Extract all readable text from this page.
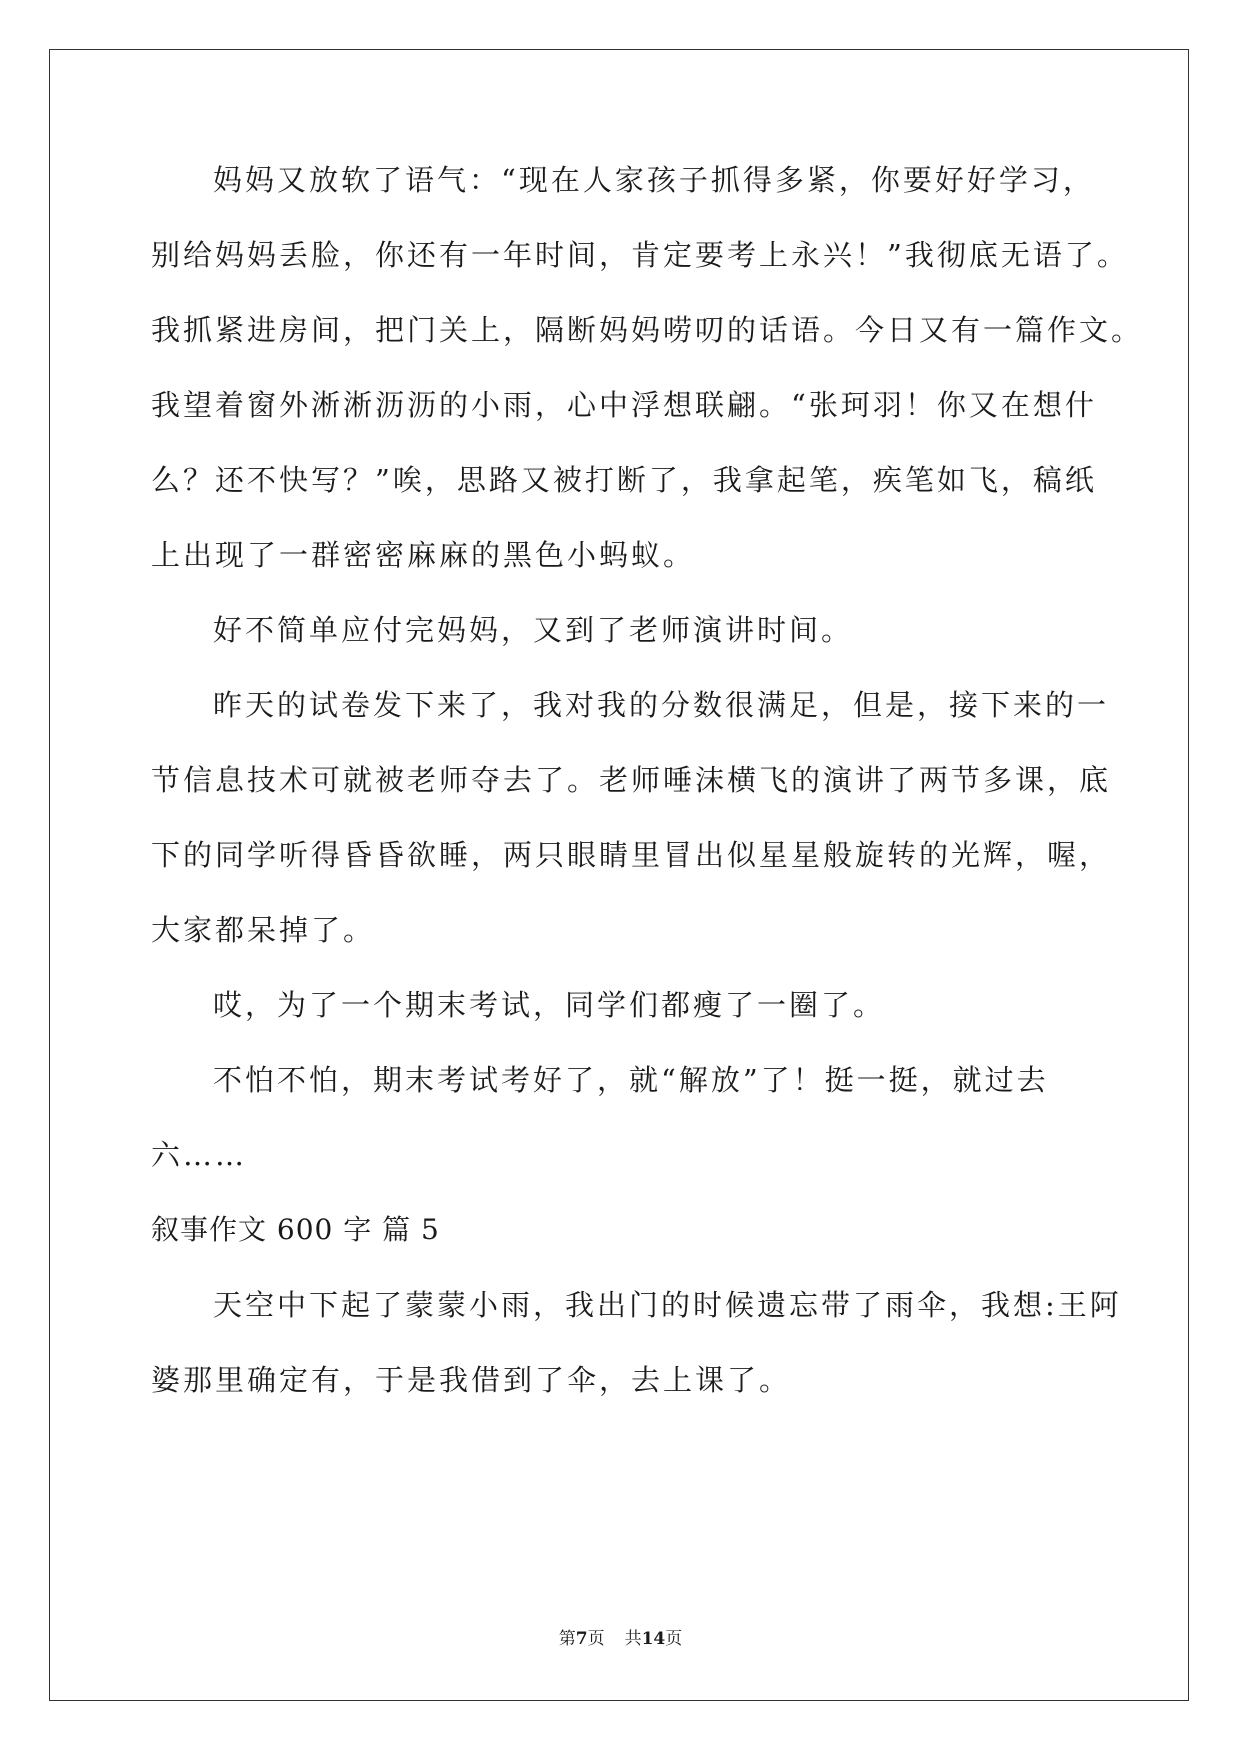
妈妈又放软了语气：“现在人家孩子抓得多紧，你要好好学习，
别给妈妈丢脸，你还有一年时间，肯定要考上永兴！”我彻底无语了。
我抓紧进房间，把门关上，隔断妈妈唠叨的话语。今日又有一篇作文。
我望着窗外淅淅沥沥的小雨，心中浮想联翩。“张珂羽！你又在想什
么？还不快写？”唉，思路又被打断了，我拿起笔，疾笔如飞，稿纸
上出现了一群密密麻麻的黑色小蚂蚁。
好不简单应付完妈妈，又到了老师演讲时间。
昨天的试卷发下来了，我对我的分数很满足，但是，接下来的一
节信息技术可就被老师夺去了。老师唾沫横飞的演讲了两节多课，底
下的同学听得昏昏欲睡，两只眼睛里冒出似星星般旋转的光辉，喔，
大家都呆掉了。
哎，为了一个期末考试，同学们都瘦了一圈了。
不怕不怕，期末考试考好了，就“解放”了！挺一挺，就过去
六……
叙事作文 600 字 篇 5
天空中下起了蒙蒙小雨，我出门的时候遗忘带了雨伞，我想:王阿
婆那里确定有，于是我借到了伞，去上课了。
第7页 共14页
